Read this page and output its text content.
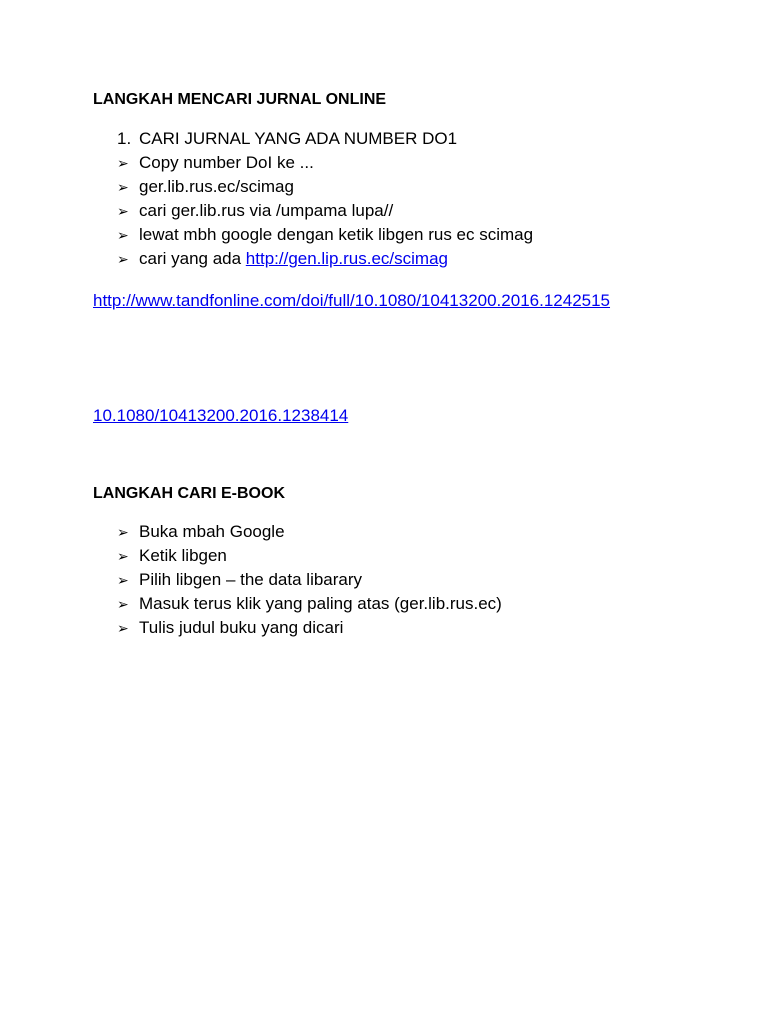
LANGKAH MENCARI JURNAL ONLINE
1. CARI JURNAL YANG ADA NUMBER DO1
➢ Copy number DoI ke ...
➢ ger.lib.rus.ec/scimag
➢ cari ger.lib.rus via /umpama lupa//
➢ lewat mbh google dengan ketik libgen rus ec scimag
➢ cari yang ada http://gen.lip.rus.ec/scimag
http://www.tandfonline.com/doi/full/10.1080/10413200.2016.1242515
10.1080/10413200.2016.1238414
LANGKAH CARI E-BOOK
➢ Buka mbah Google
➢ Ketik libgen
➢ Pilih libgen – the data libarary
➢ Masuk terus klik yang paling atas (ger.lib.rus.ec)
➢ Tulis judul buku yang dicari
